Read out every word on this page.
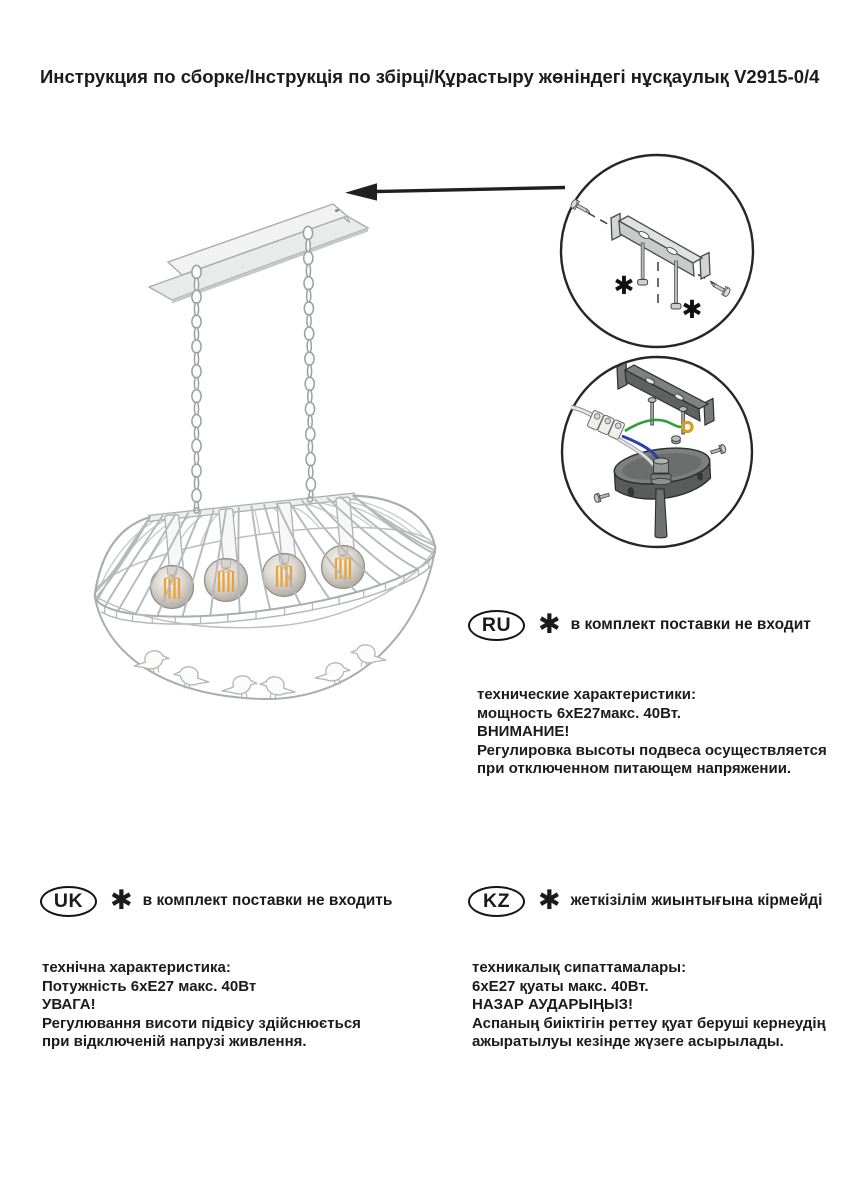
Инструкция по сборке/Інструкція по збірці/Құрастыру жөніндегі нұсқаулық V2915-0/4
✱
✱
RU ✱ в комплект поставки не входит
технические характеристики:
мощность 6хЕ27макс. 40Вт.
ВНИМАНИЕ!
Регулировка высоты подвеса осуществляется
при отключенном питающем напряжении.
UK ✱ в комплект поставки не входить
технічна характеристика:
Потужність 6хЕ27 макс. 40Вт
УВАГА!
Регулювання висоти підвісу здійснюється
при відключеній напрузі живлення.
KZ	✱ жеткізілім жиынтығына кірмейді
техникалық сипаттамалары:
6хЕ27 қуаты макс. 40Вт.
НАЗАР АУДАРЫҢЫЗ!
Аспаның биіктігін реттеу қуат беруші кернеудің
ажыратылуы кезінде жүзеге асырылады.
